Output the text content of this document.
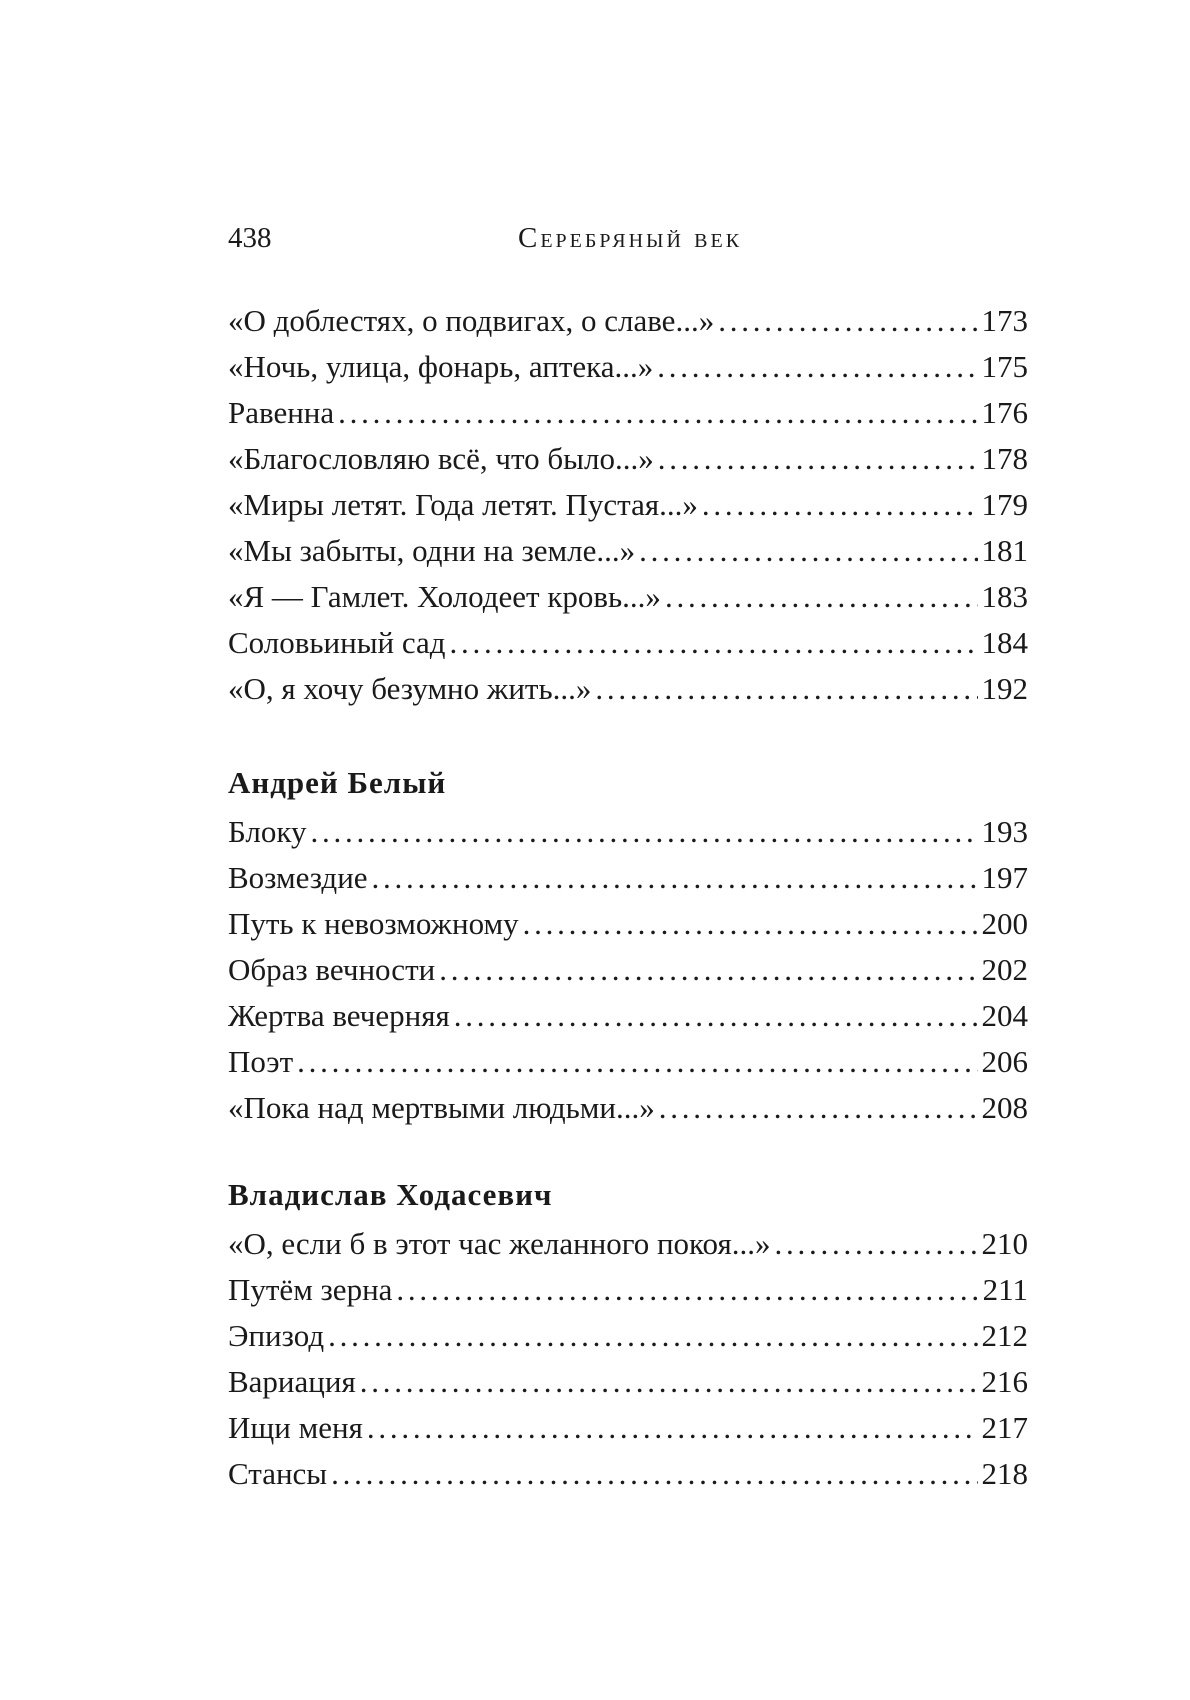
438	Серебряный век
«О доблестях, о подвигах, о славе...» . . .	173
«Ночь, улица, фонарь, аптека...» . . .	175
Равенна . . .	176
«Благословляю всё, что было...» . . .	178
«Миры летят. Года летят. Пустая...» . . .	179
«Мы забыты, одни на земле...» . . .	181
«Я — Гамлет. Холодеет кровь...» . . .	183
Соловьиный сад . . .	184
«О, я хочу безумно жить...» . . .	192
Андрей Белый
Блоку . . .	193
Возмездие . . .	197
Путь к невозможному . . .	200
Образ вечности . . .	202
Жертва вечерняя . . .	204
Поэт . . .	206
«Пока над мертвыми людьми...» . . .	208
Владислав Ходасевич
«О, если б в этот час желанного покоя...» . . .	210
Путём зерна . . .	211
Эпизод . . .	212
Вариация . . .	216
Ищи меня . . .	217
Стансы . . .	218
